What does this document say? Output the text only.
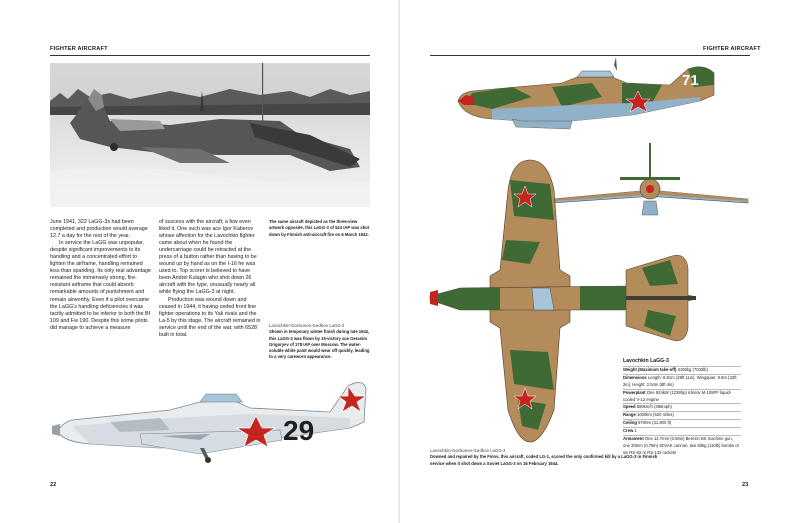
FIGHTER AIRCRAFT

June 1941, 322 LaGG-3s had been completed and production would average 12.7 a day for the rest of the year.

In service the LaGG was unpopular, despite significant improvements to its handling and a concentrated effort to lighten the airframe, handling remained less than sparkling. Its only real advantage remained the immensely strong, fire-resistant airframe that could absorb remarkable amounts of punishment and remain airworthy. Even if a pilot overcame the LaGG's handling deficiencies it was tacitly admitted to be inferior to both the Bf 109 and Fw 190. Despite this some pilots did manage to achieve a measure

of success with the aircraft; a few even liked it. One such was ace Igor Kaberov whose affection for the Lavochkin fighter came about when he found the undercarriage could be retracted at the press of a button rather than having to be wound up by hand as on the I-16 he was used to. Top scorer is believed to have been Andrei Kulagin who shot down 26 aircraft with the type, unusually nearly all while flying the LaGG-3 at night.

Production was wound down and ceased in 1944, it having ceded front line fighter operations to its Yak rivals and the La-5 by this stage. The aircraft remained in service until the end of the war, with 6528 built in total.

The same aircraft depicted as the three-view artwork opposite, this LaGG-3 of 524 IAP was shot down by Finnish anti-aircraft fire on 6 March 1942.
Lavochkin-Gorbunov-Gudkov LaGG-3
Shown in temporary winter finish during late 1942, this LaGG-3 was flown by 15-victory ace Gerasim Grigoryev of 178 IAP over Moscow. The water-soluble white paint would wear off quickly, leading to a very careworn appearance.
29
22
FIGHTER AIRCRAFT
71
Lavochkin-Gorbunov-Gudkov LaGG-3
Downed and repaired by the Finns, this aircraft, coded LG-1, scored the only confirmed kill by a LaGG-3 in Finnish service when it shot down a Soviet LaGG-3 on 16 February 1944.
Lavochkin LaGG-3
Weight (Maximum take-off) 3190kg (7033lb)
Dimensions Length: 8.81m (28ft 11in), Wingspan: 9.8m (32ft 2in), Height: 2.54m (8ft 4in)
Powerplant One 924kW (1239hp) Klimov M-105PF liquid-cooled V-12 engine
Speed 589km/h (366mph)
Range 1000km (620 miles)
Ceiling 9700m (31,800 ft)
Crew 1
Armament One 12.7mm (0.50in) Berezin BS machine gun, one 20mm (0.79in) ShVAK cannon, two 50kg (110lb) bombs or six RS-82 or RS-132 rockets
23
